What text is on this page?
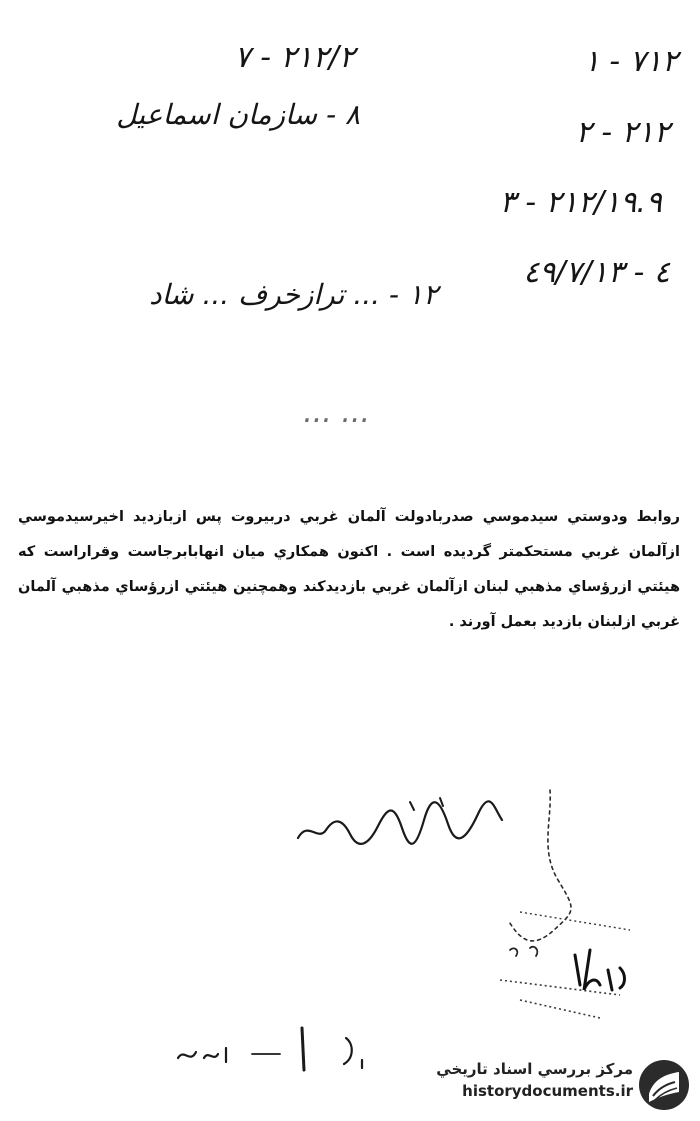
٧١٢ - ١
٢١٢/٢ - ٧
٨ - سازمان اسماعيل
٢١٢ - ٢
٢١٢/١٩.٩ - ٣
٤ - ٤٩/٧/١٣
١٢ - ... ترازخرف ... شاد
... ...
روابط ودوستي سيدموسي صدربادولت آلمان غربي دربيروت پس ازبازديد اخيرسيدموسي ازآلمان غربي مستحكمتر گرديده است . اكنون همكاري ميان انهابابرجاست وقراراست كه هيئتي ازرؤساي مذهبي لبنان ازآلمان غربي بازديدكند وهمچنين هيئتي ازرؤساي مذهبي آلمان غربي ازلبنان بازديد بعمل آورند .
مركز بررسي اسناد تاريخي
historydocuments.ir
